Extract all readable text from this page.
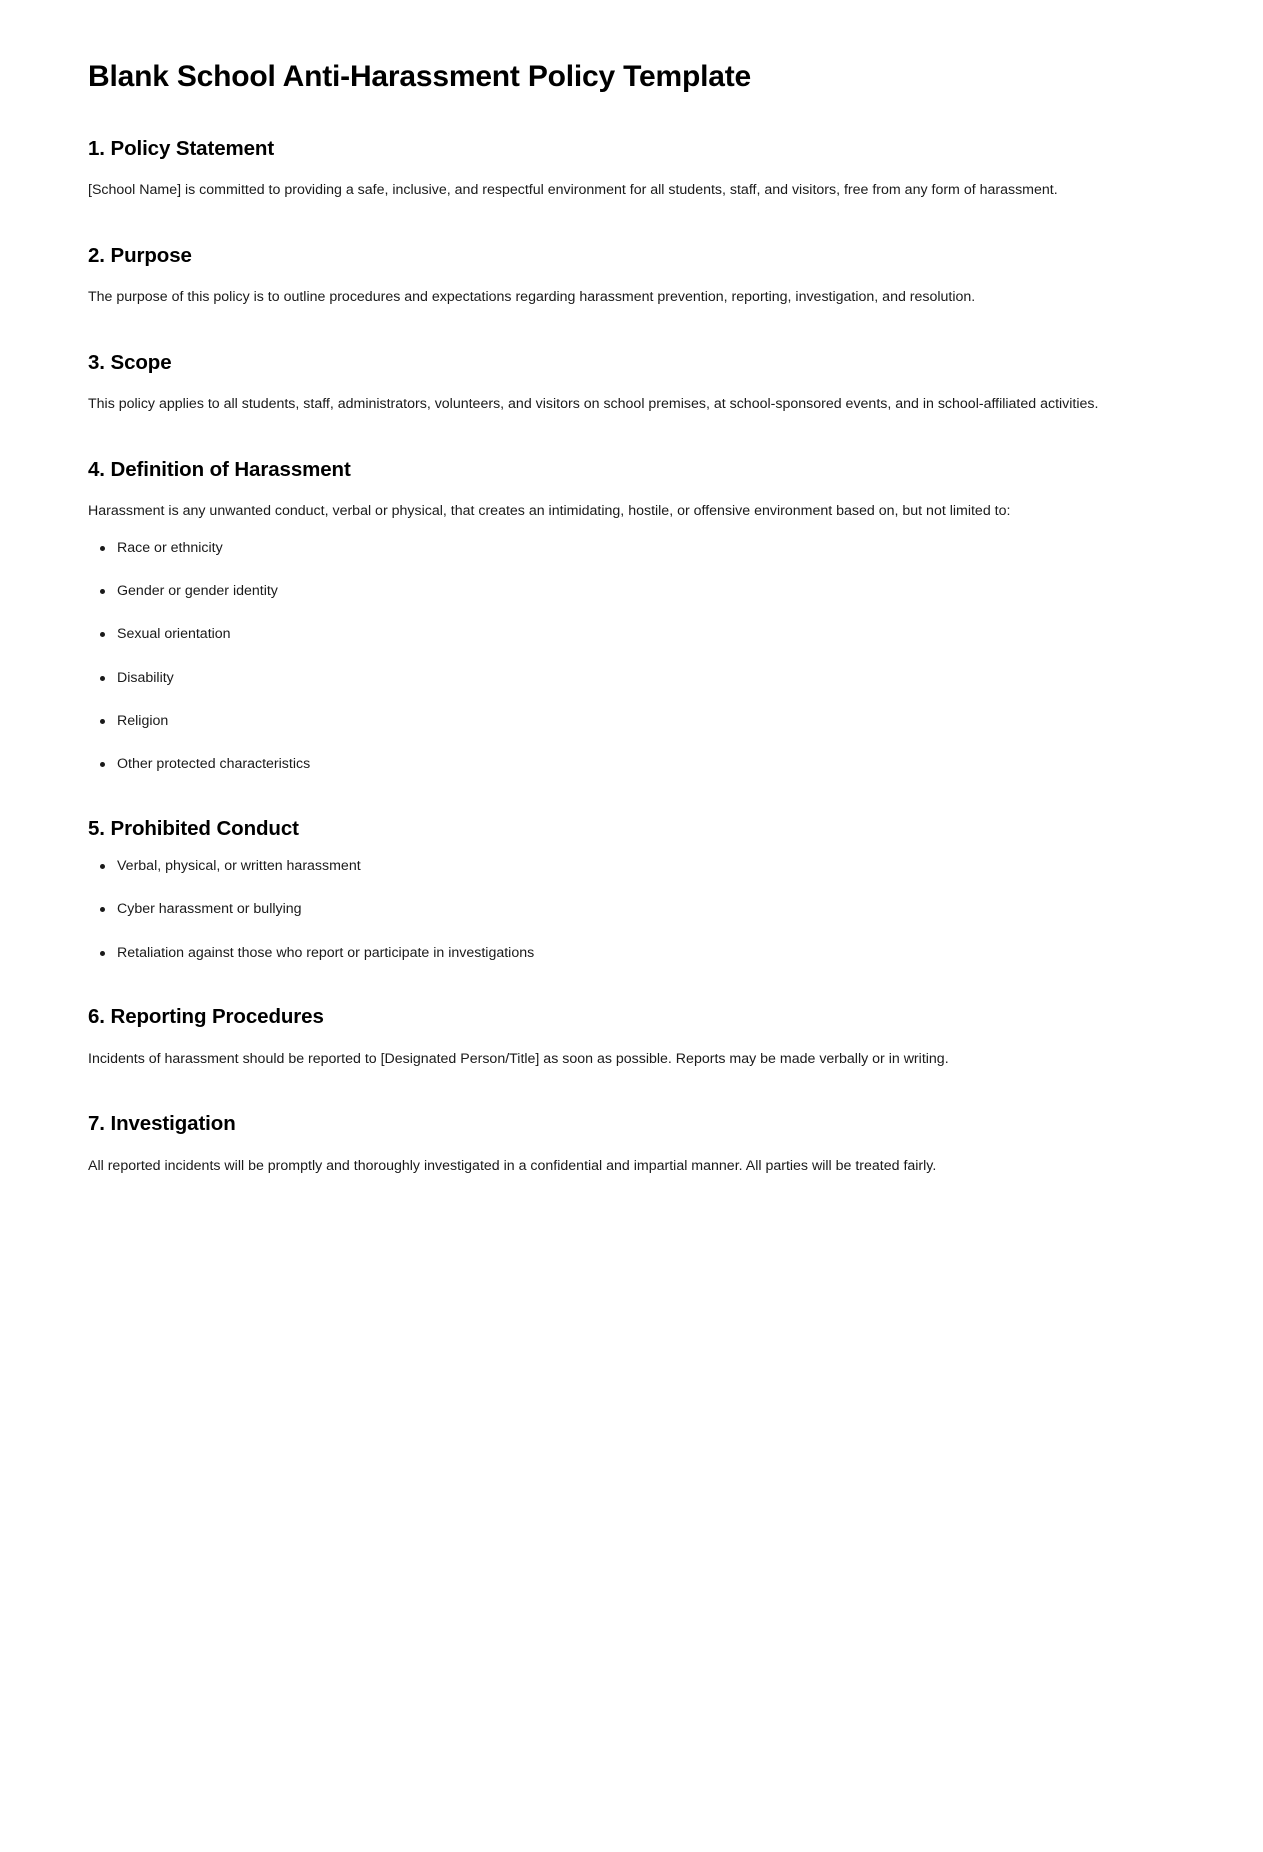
Blank School Anti-Harassment Policy Template
1. Policy Statement

[School Name] is committed to providing a safe, inclusive, and respectful environment for all students, staff, and visitors, free from any form of harassment.

2. Purpose

The purpose of this policy is to outline procedures and expectations regarding harassment prevention, reporting, investigation, and resolution.

3. Scope

This policy applies to all students, staff, administrators, volunteers, and visitors on school premises, at school-sponsored events, and in school-affiliated activities.

4. Definition of Harassment

Harassment is any unwanted conduct, verbal or physical, that creates an intimidating, hostile, or offensive environment based on, but not limited to:

Race or ethnicity
Gender or gender identity
Sexual orientation
Disability
Religion
Other protected characteristics
5. Prohibited Conduct
Verbal, physical, or written harassment
Cyber harassment or bullying
Retaliation against those who report or participate in investigations
6. Reporting Procedures

Incidents of harassment should be reported to [Designated Person/Title] as soon as possible. Reports may be made verbally or in writing.

7. Investigation

All reported incidents will be promptly and thoroughly investigated in a confidential and impartial manner. All parties will be treated fairly.
